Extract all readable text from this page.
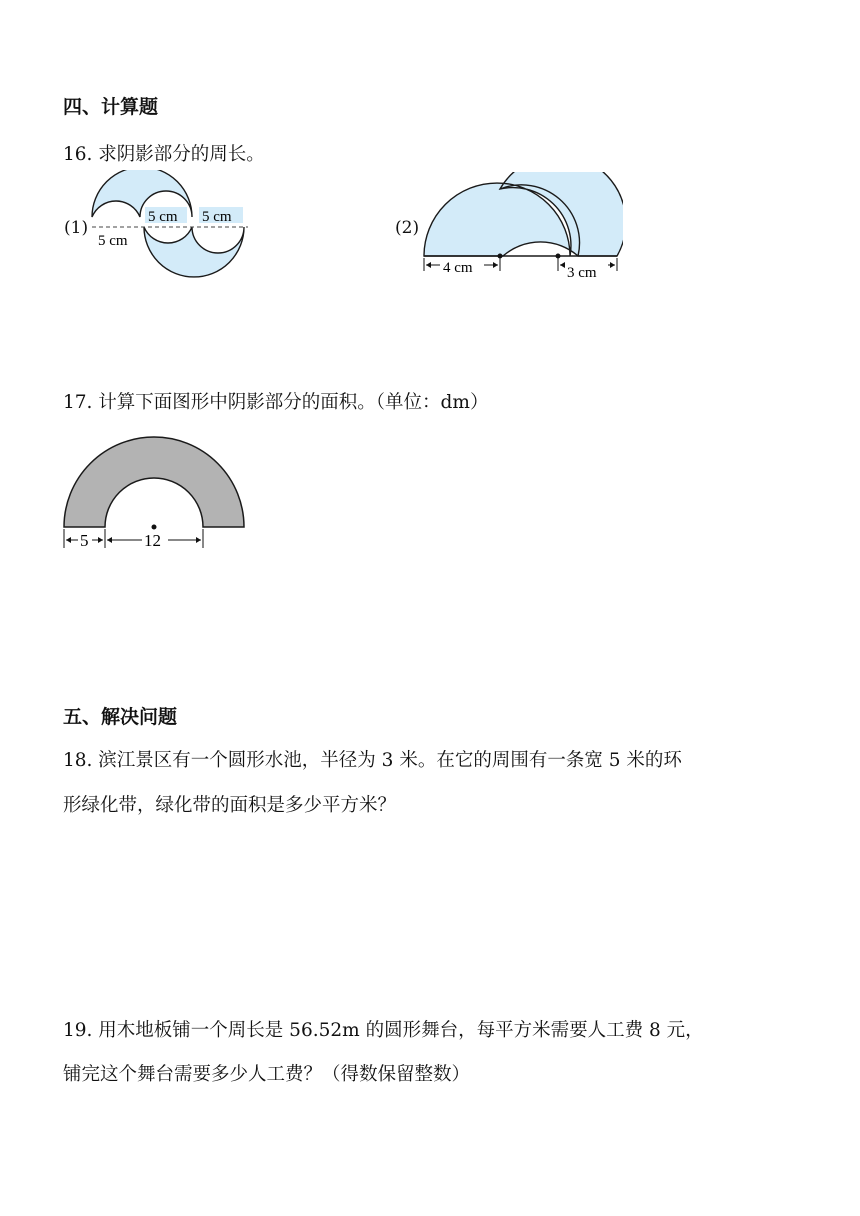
四、计算题
16. 求阴影部分的周长。
(1)
5 cm 5 cm
5 cm
(2)
4 cm	3 cm
17. 计算下面图形中阴影部分的面积。（单位：dm）
5	12
五、解决问题
18. 滨江景区有一个圆形水池，半径为 3 米。在它的周围有一条宽 5 米的环
形绿化带，绿化带的面积是多少平方米？
19. 用木地板铺一个周长是 56.52m 的圆形舞台，每平方米需要人工费 8 元，
铺完这个舞台需要多少人工费？（得数保留整数）
